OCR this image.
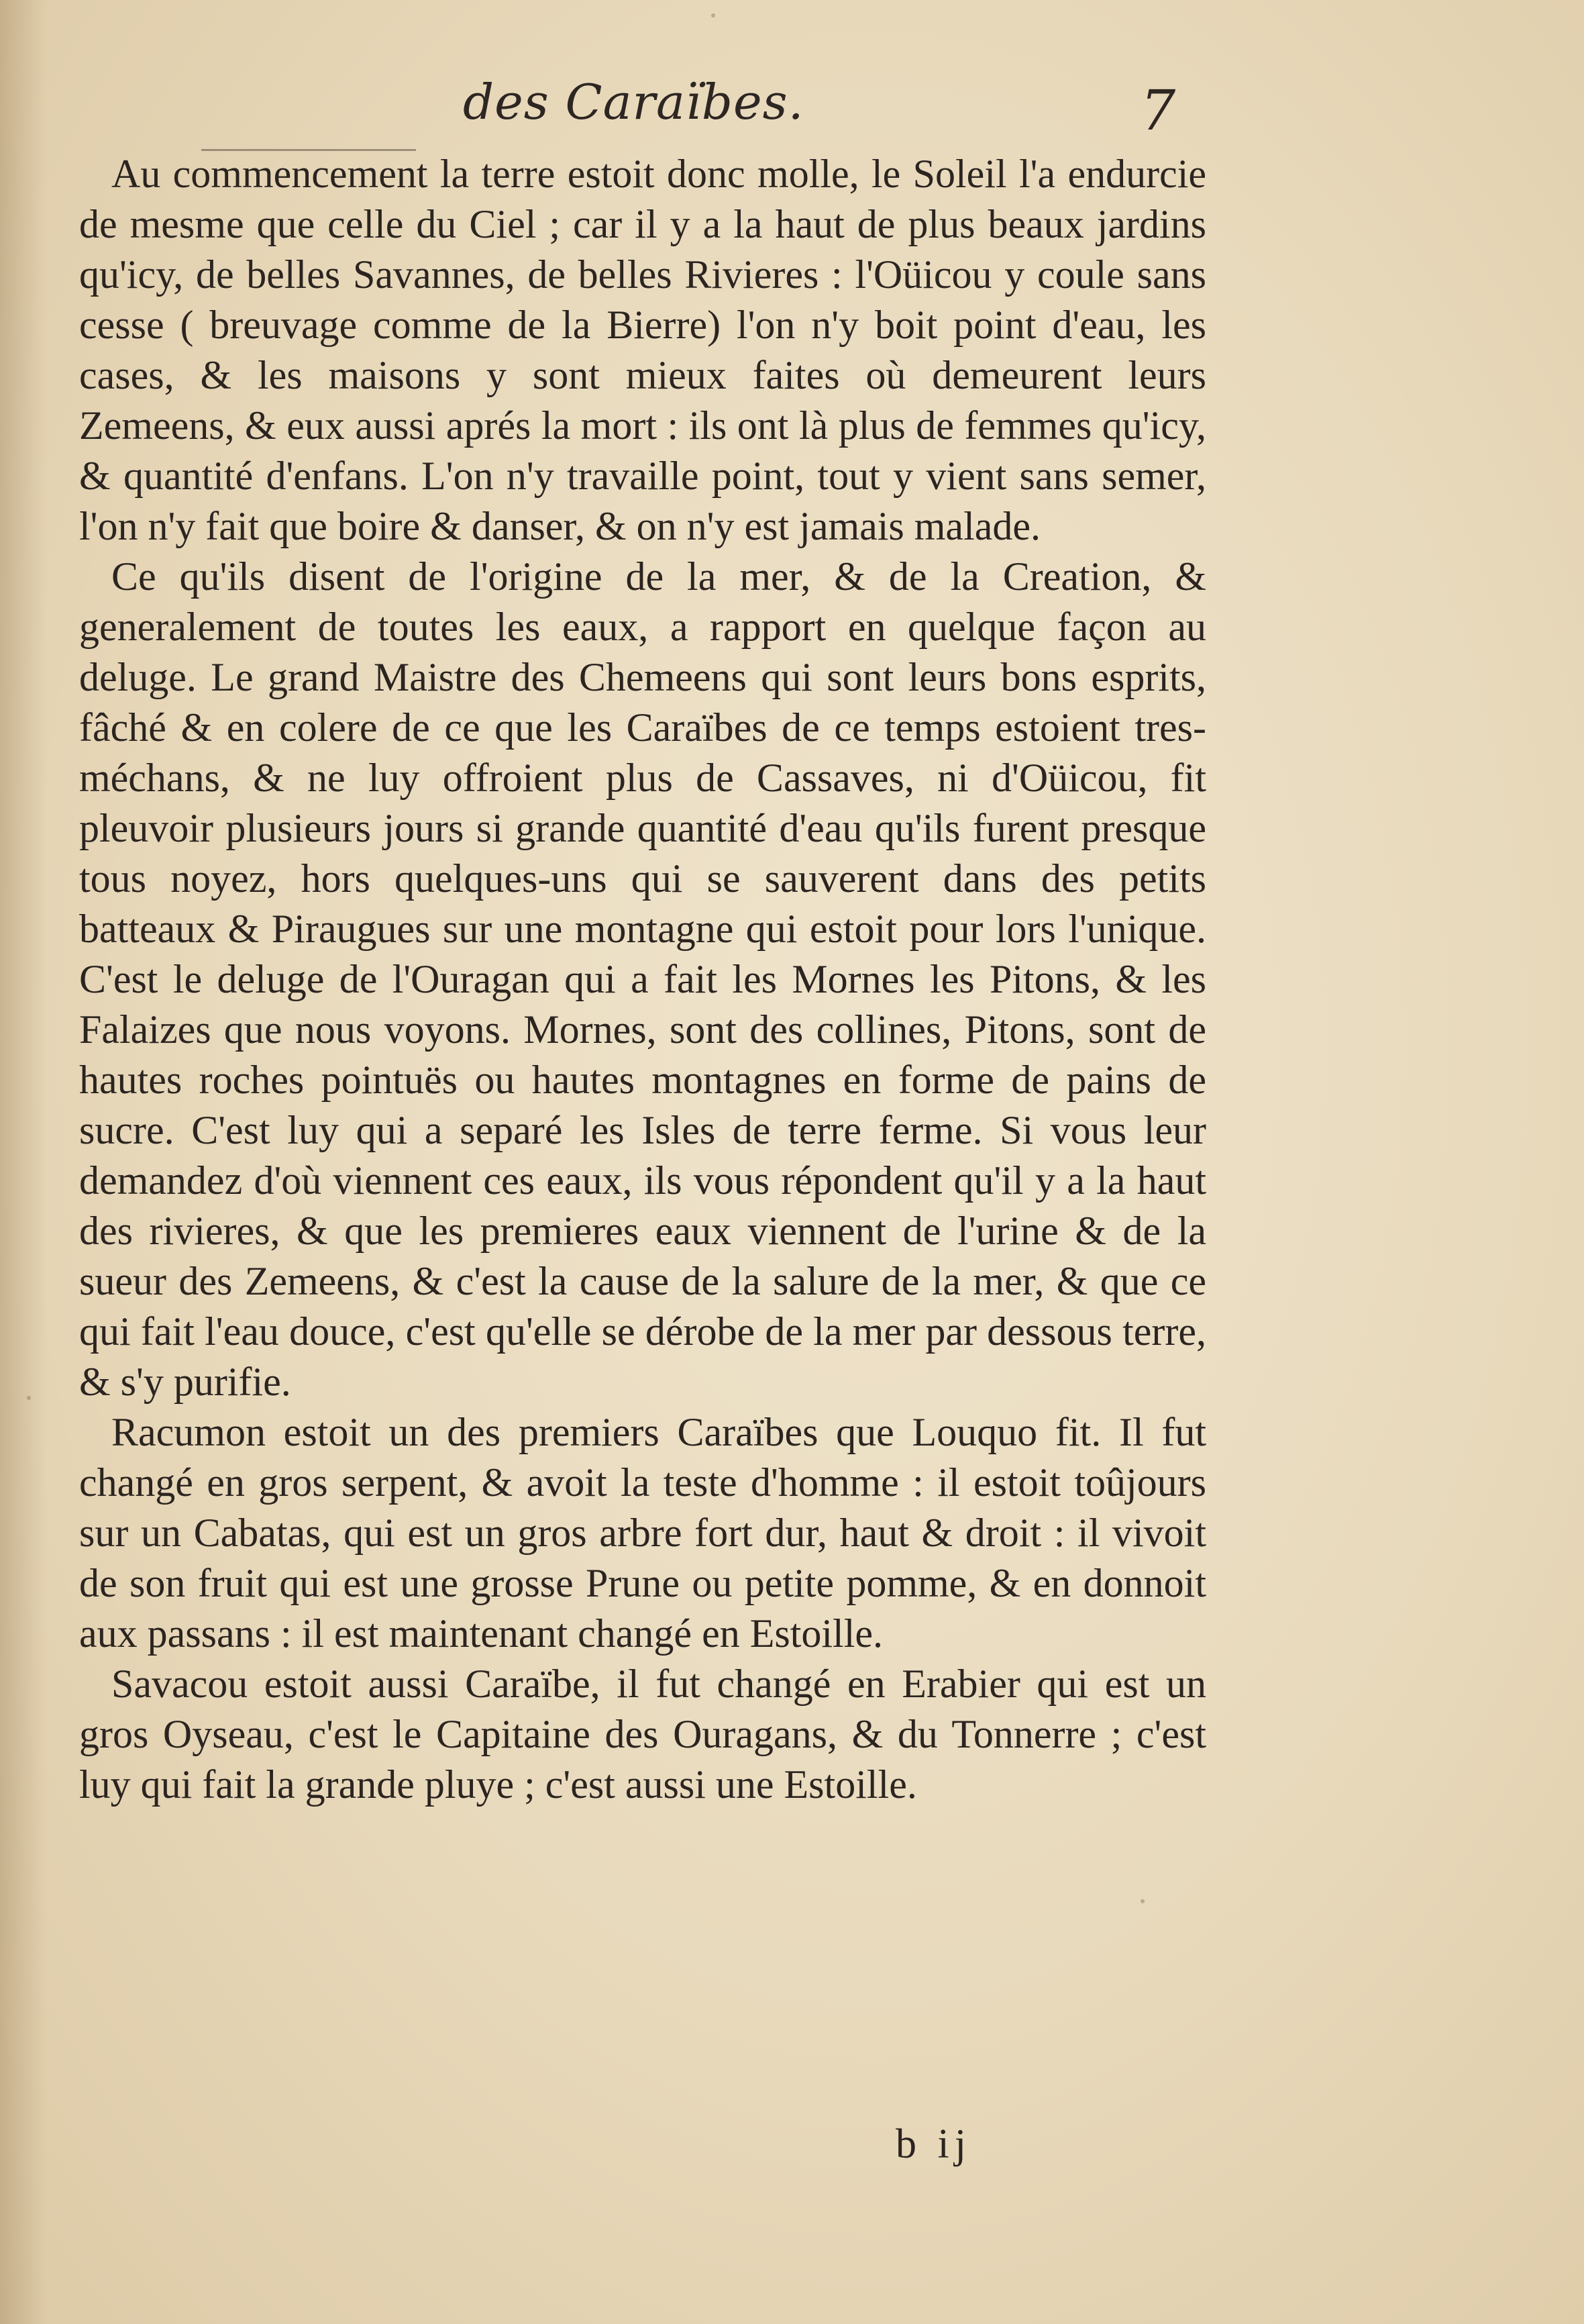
des Caraïbes.	7

Au commencement la terre estoit donc molle, le Soleil l'a endurcie de mesme que celle du Ciel ; car il y a la haut de plus beaux jardins qu'icy, de belles Savannes, de belles Rivieres : l'Oüicou y coule sans cesse ( breuvage comme de la Bierre) l'on n'y boit point d'eau, les cases, & les maisons y sont mieux faites où demeurent leurs Zemeens, & eux aussi aprés la mort : ils ont là plus de femmes qu'icy, & quantité d'enfans. L'on n'y travaille point, tout y vient sans semer, l'on n'y fait que boire & danser, & on n'y est jamais malade.

Ce qu'ils disent de l'origine de la mer, & de la Creation, & generalement de toutes les eaux, a rapport en quelque façon au deluge. Le grand Maistre des Chemeens qui sont leurs bons esprits, fâché & en colere de ce que les Caraïbes de ce temps estoient tres-méchans, & ne luy offroient plus de Cassaves, ni d'Oüicou, fit pleuvoir plusieurs jours si grande quantité d'eau qu'ils furent presque tous noyez, hors quelques-uns qui se sauverent dans des petits batteaux & Piraugues sur une montagne qui estoit pour lors l'unique. C'est le deluge de l'Ouragan qui a fait les Mornes les Pitons, & les Falaizes que nous voyons. Mornes, sont des collines, Pitons, sont de hautes roches pointuës ou hautes montagnes en forme de pains de sucre. C'est luy qui a separé les Isles de terre ferme. Si vous leur demandez d'où viennent ces eaux, ils vous répondent qu'il y a la haut des rivieres, & que les premieres eaux viennent de l'urine & de la sueur des Zemeens, & c'est la cause de la salure de la mer, & que ce qui fait l'eau douce, c'est qu'elle se dérobe de la mer par dessous terre, & s'y purifie.

Racumon estoit un des premiers Caraïbes que Louquo fit. Il fut changé en gros serpent, & avoit la teste d'homme : il estoit toûjours sur un Cabatas, qui est un gros arbre fort dur, haut & droit : il vivoit de son fruit qui est une grosse Prune ou petite pomme, & en donnoit aux passans : il est maintenant changé en Estoille.

Savacou estoit aussi Caraïbe, il fut changé en Erabier qui est un gros Oyseau, c'est le Capitaine des Ouragans, & du Tonnerre ; c'est luy qui fait la grande pluye ; c'est aussi une Estoille.

b ij
